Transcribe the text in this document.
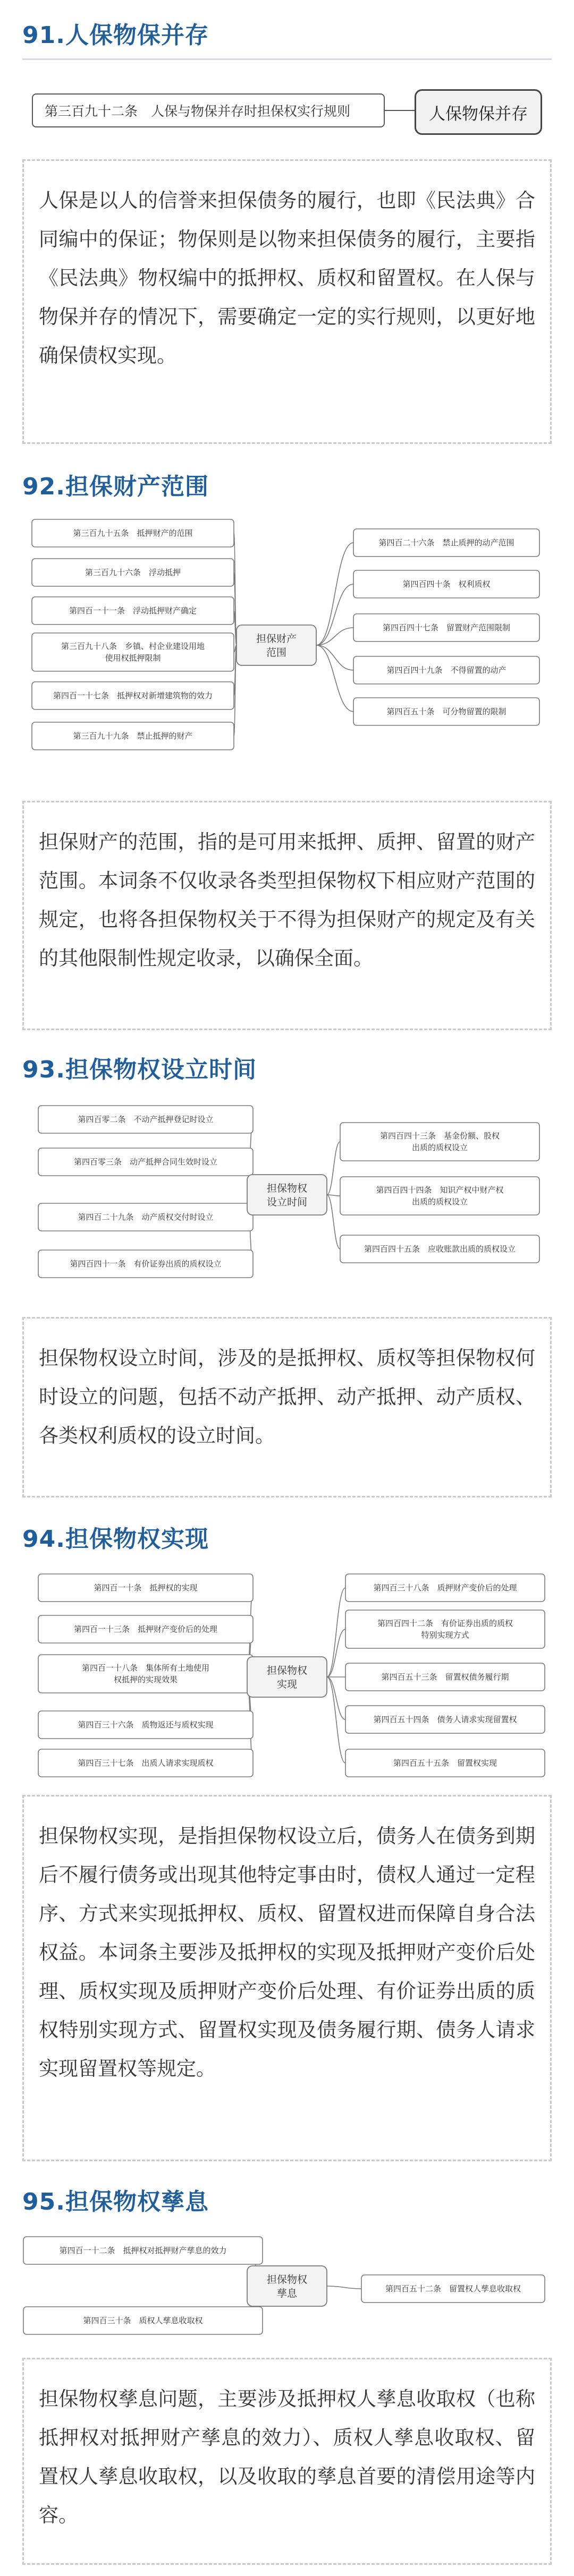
91.人保物保并存
第三百九十二条　人保与物保并存时担保权实行规则	人保物保并存

人保是以人的信誉来担保债务的履行，也即《民法典》合同编中的保证；物保则是以物来担保债务的履行，主要指《民法典》物权编中的抵押权、质权和留置权。在人保与物保并存的情况下，需要确定一定的实行规则，以更好地确保债权实现。

92.担保财产范围
第三百九十五条　抵押财产的范围
第三百九十六条　浮动抵押
第四百一十一条　浮动抵押财产确定
第三百九十八条　乡镇、村企业建设用地
使用权抵押限制
第四百一十七条　抵押权对新增建筑物的效力
第三百九十九条　禁止抵押的财产
第四百二十六条　禁止质押的动产范围
第四百四十条　权利质权
第四百四十七条　留置财产范围限制
第四百四十九条　不得留置的动产
第四百五十条　可分物留置的限制
担保财产
范围

担保财产的范围，指的是可用来抵押、质押、留置的财产范围。本词条不仅收录各类型担保物权下相应财产范围的规定，也将各担保物权关于不得为担保财产的规定及有关的其他限制性规定收录，以确保全面。

93.担保物权设立时间
第四百零二条　不动产抵押登记时设立
第四百零三条　动产抵押合同生效时设立
第四百二十九条　动产质权交付时设立
第四百四十一条　有价证券出质的质权设立
第四百四十三条　基金份额、股权
出质的质权设立
第四百四十四条　知识产权中财产权
出质的质权设立
第四百四十五条　应收账款出质的质权设立
担保物权
设立时间

担保物权设立时间，涉及的是抵押权、质权等担保物权何时设立的问题，包括不动产抵押、动产抵押、动产质权、各类权利质权的设立时间。

94.担保物权实现
第四百一十条　抵押权的实现
第四百一十三条　抵押财产变价后的处理
第四百一十八条　集体所有土地使用
权抵押的实现效果
第四百三十六条　质物返还与质权实现
第四百三十七条　出质人请求实现质权
第四百三十八条　质押财产变价后的处理
第四百四十二条　有价证券出质的质权
特别实现方式
第四百五十三条　留置权债务履行期
第四百五十四条　债务人请求实现留置权
第四百五十五条　留置权实现
担保物权
实现

担保物权实现，是指担保物权设立后，债务人在债务到期后不履行债务或出现其他特定事由时，债权人通过一定程序、方式来实现抵押权、质权、留置权进而保障自身合法权益。本词条主要涉及抵押权的实现及抵押财产变价后处理、质权实现及质押财产变价后处理、有价证券出质的质权特别实现方式、留置权实现及债务履行期、债务人请求实现留置权等规定。

95.担保物权孳息
第四百一十二条　抵押权对抵押财产孳息的效力
第四百三十条　质权人孳息收取权
第四百五十二条　留置权人孳息收取权
担保物权
孳息

担保物权孳息问题，主要涉及抵押权人孳息收取权（也称抵押权对抵押财产孳息的效力）、质权人孳息收取权、留置权人孳息收取权，以及收取的孳息首要的清偿用途等内容。
